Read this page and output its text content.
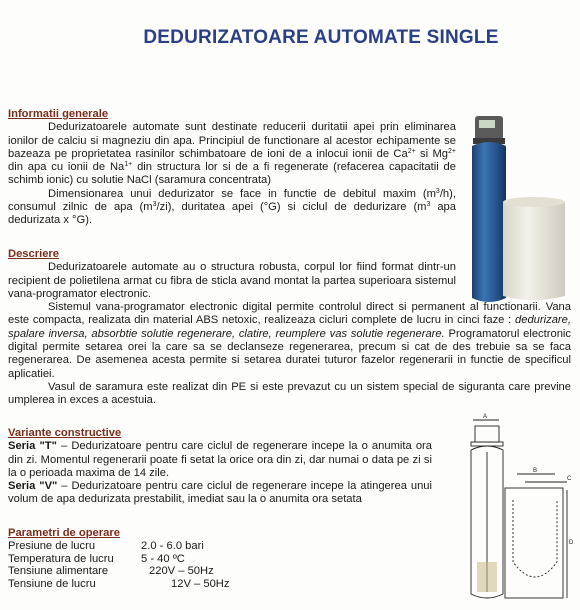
DEDURIZATOARE AUTOMATE SINGLE
Informatii generale

Dedurizatoarele automate sunt destinate reducerii duritatii apei prin eliminarea ionilor de calciu si magneziu din apa. Principiul de functionare al acestor echipamente se bazeaza pe proprietatea rasinilor schimbatoare de ioni de a inlocui ionii de $Ca^{2+}$ si $Mg^{2+}$ din apa cu ionii de $Na^{1+}$ din structura lor si de a fi regenerate (refacerea capacitatii de schimb ionic) cu solutie NaCl (saramura concentrata)

Dimensionarea unui dedurizator se face in functie de debitul maxim $(m^3/h)$, consumul zilnic de apa $(m^3/zi)$, duritatea apei (°G) si ciclul de dedurizare ($m^3$ apa dedurizata x °G).

Descriere

Dedurizatoarele automate au o structura robusta, corpul lor fiind format dintr-un recipient de polietilena armat cu fibra de sticla avand montat la partea superioara sistemul vana-programator electronic.

Sistemul vana-programator electronic digital permite controlul direct si permanent al functionarii. Vana este compacta, realizata din material ABS netoxic, realizeaza cicluri complete de lucru in cinci faze : dedurizare, spalare inversa, absorbtie solutie regenerare, clatire, reumplere vas solutie regenerare. Programatorul electronic digital permite setarea orei la care sa se declanseze regenerarea, precum si cat de des trebuie sa se faca regenerarea. De asemenea acesta permite si setarea duratei tuturor fazelor regenerarii in functie de specificul aplicatiei.

Vasul de saramura este realizat din PE si este prevazut cu un sistem special de siguranta care previne umplerea in exces a acestuia.

A
B
C
D
Variante constructive

Seria "T" – Dedurizatoare pentru care ciclul de regenerare incepe la o anumita ora din zi. Momentul regenerarii poate fi setat la orice ora din zi, dar numai o data pe zi si la o perioada maxima de 14 zile.

Seria "V" – Dedurizatoare pentru care ciclul de regenerare incepe la atingerea unui volum de apa dedurizata prestabilit, imediat sau la o anumita ora setata

Parametri de operare
Presiune de lucru	2.0 - 6.0 bari
Temperatura de lucru	5 - 40 ºC
Tensiune alimentare	220V – 50Hz
Tensiune de lucru	12V – 50Hz
